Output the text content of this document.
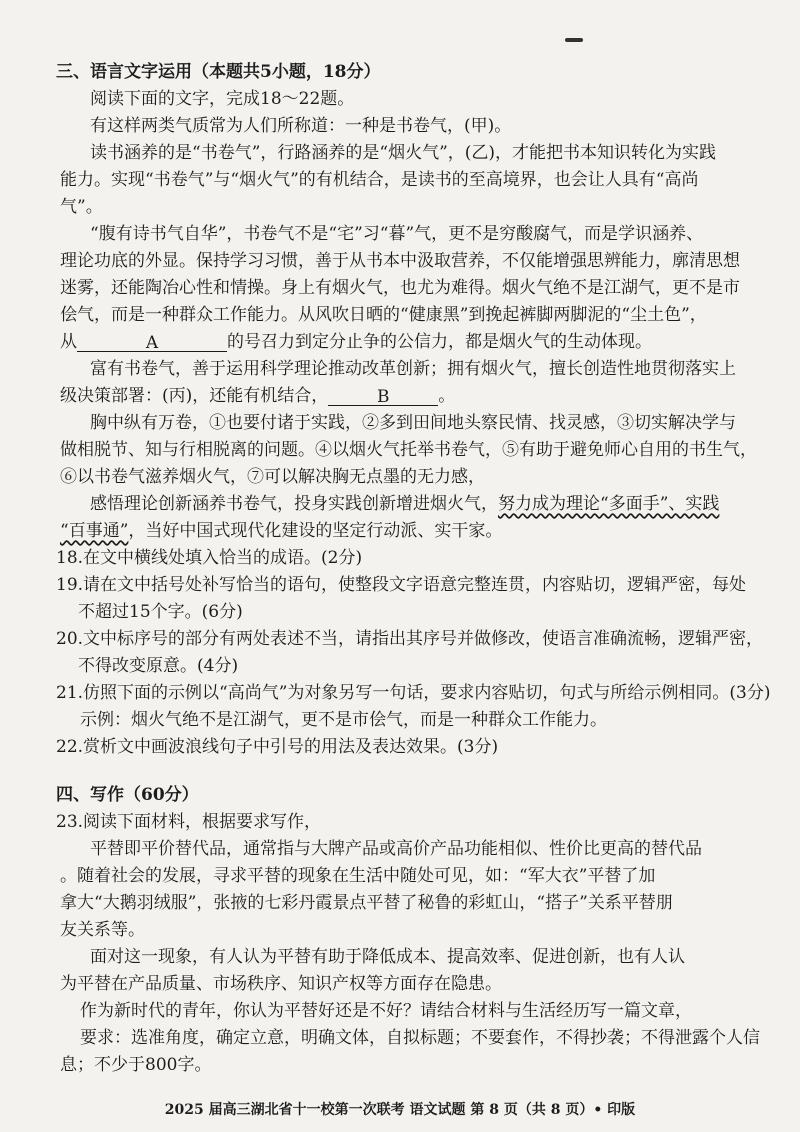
三、语言文字运用（本题共5小题，18分）
阅读下面的文字，完成18～22题。
有这样两类气质常为人们所称道：一种是书卷气，(甲)。
读书涵养的是“书卷气”，行路涵养的是“烟火气”，(乙)，才能把书本知识转化为实践
能力。实现“书卷气”与“烟火气”的有机结合，是读书的至高境界，也会让人具有“高尚
气”。
“腹有诗书气自华”，书卷气不是“宅”习“暮”气，更不是穷酸腐气，而是学识涵养、
理论功底的外显。保持学习习惯，善于从书本中汲取营养，不仅能增强思辨能力，廓清思想
迷雾，还能陶冶心性和情操。身上有烟火气，也尤为难得。烟火气绝不是江湖气，更不是市
侩气，而是一种群众工作能力。从风吹日晒的“健康黑”到挽起裤脚两脚泥的“尘土色”，
从	A	的号召力到定分止争的公信力，都是烟火气的生动体现。
富有书卷气，善于运用科学理论推动改革创新；拥有烟火气，擅长创造性地贯彻落实上
级决策部署：(丙)，还能有机结合，	B	。
胸中纵有万卷，①也要付诸于实践，②多到田间地头察民情、找灵感，③切实解决学与
做相脱节、知与行相脱离的问题。④以烟火气托举书卷气，⑤有助于避免师心自用的书生气，
⑥以书卷气滋养烟火气，⑦可以解决胸无点墨的无力感，
感悟理论创新涵养书卷气，投身实践创新增进烟火气，努力成为理论“多面手”、实践
“百事通”，当好中国式现代化建设的坚定行动派、实干家。
18.在文中横线处填入恰当的成语。(2分)
19.请在文中括号处补写恰当的语句，使整段文字语意完整连贯，内容贴切，逻辑严密，每处
不超过15个字。(6分)
20.文中标序号的部分有两处表述不当，请指出其序号并做修改，使语言准确流畅，逻辑严密，
不得改变原意。(4分)
21.仿照下面的示例以“高尚气”为对象另写一句话，要求内容贴切，句式与所给示例相同。(3分)
示例：烟火气绝不是江湖气，更不是市侩气，而是一种群众工作能力。
22.赏析文中画波浪线句子中引号的用法及表达效果。(3分)
四、写作（60分）
23.阅读下面材料，根据要求写作，
平替即平价替代品，通常指与大牌产品或高价产品功能相似、性价比更高的替代品
。随着社会的发展，寻求平替的现象在生活中随处可见，如：“军大衣”平替了加
拿大“大鹅羽绒服”，张掖的七彩丹霞景点平替了秘鲁的彩虹山，“搭子”关系平替朋
友关系等。
面对这一现象，有人认为平替有助于降低成本、提高效率、促进创新，也有人认
为平替在产品质量、市场秩序、知识产权等方面存在隐患。
作为新时代的青年，你认为平替好还是不好？请结合材料与生活经历写一篇文章，
要求：选准角度，确定立意，明确文体，自拟标题；不要套作，不得抄袭；不得泄露个人信
息；不少于800字。
2025 届高三湖北省十一校第一次联考 语文试题 第 8 页（共 8 页）• 印版
